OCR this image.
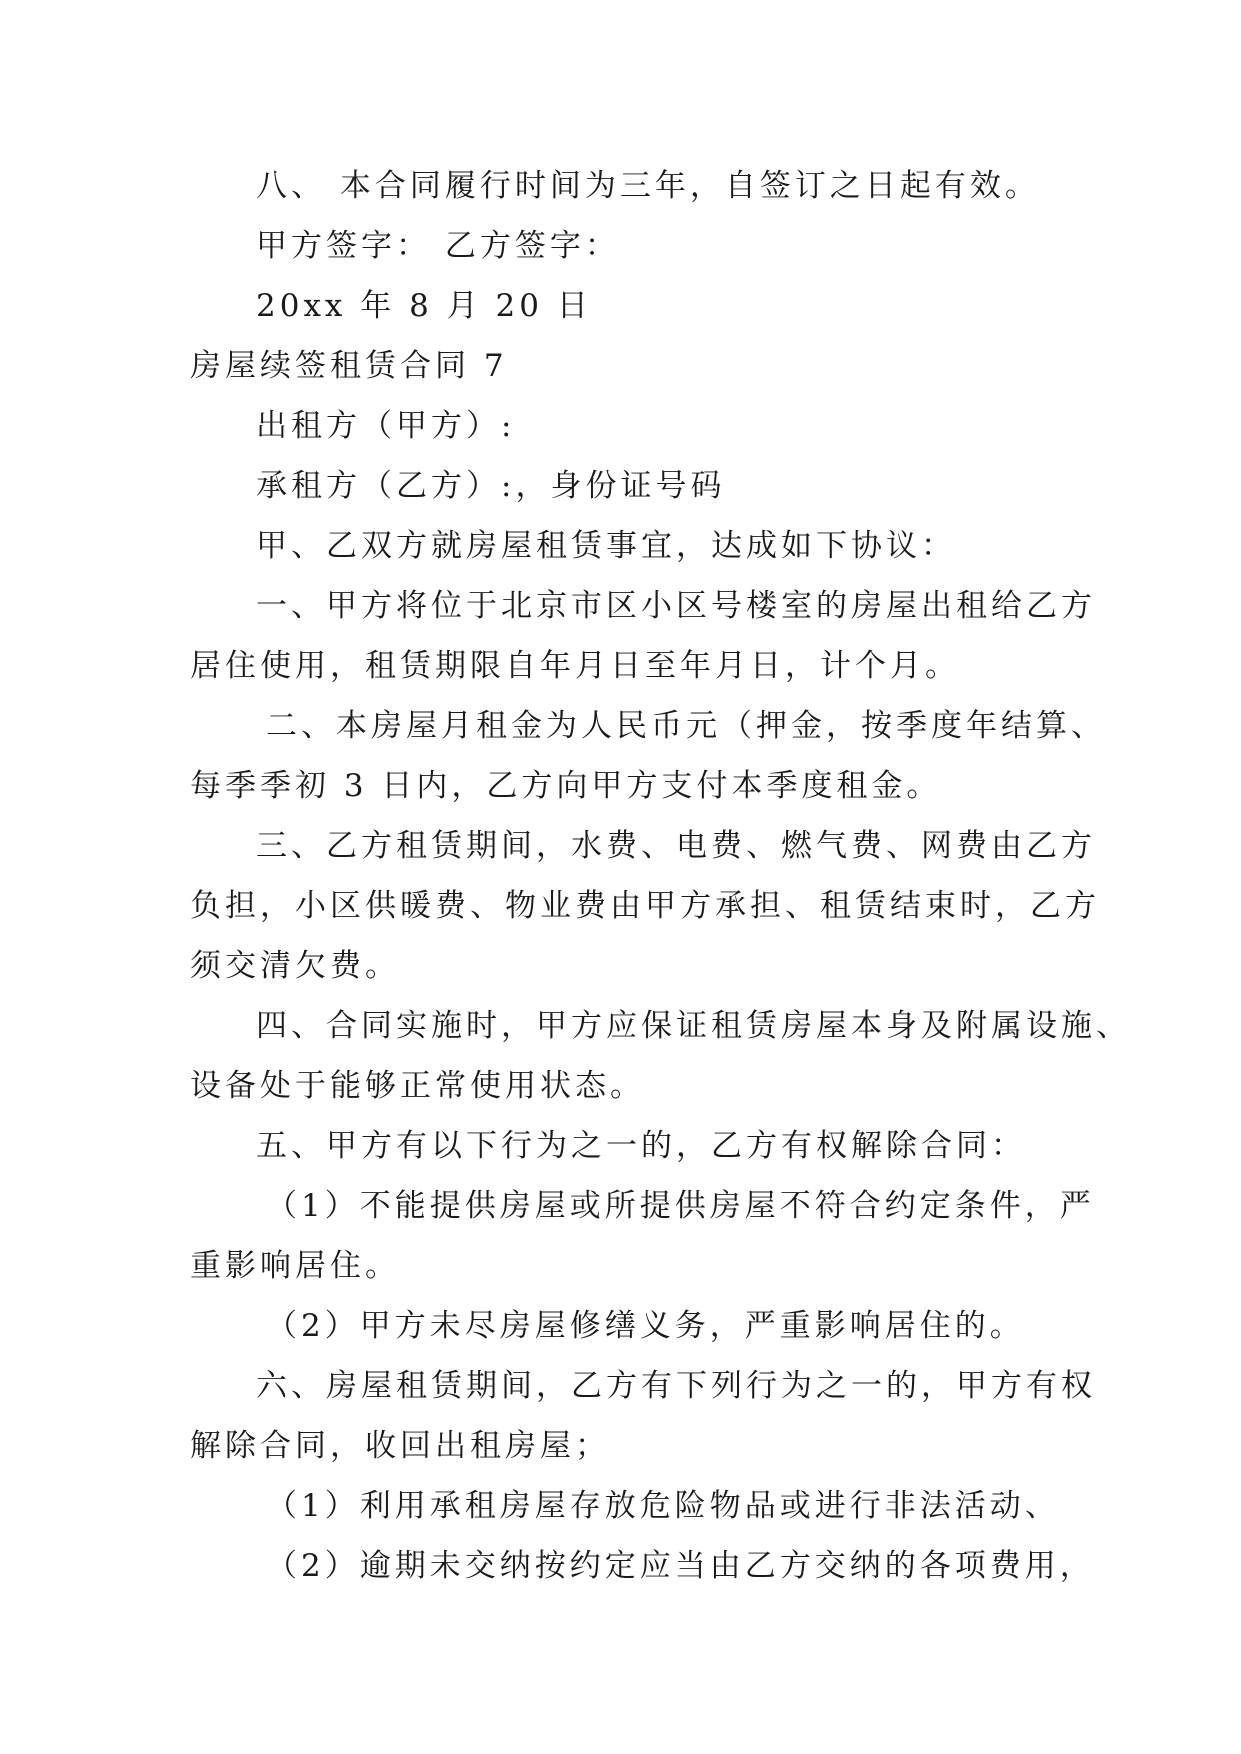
八、 本合同履行时间为三年，自签订之日起有效。
甲方签字： 乙方签字：
20xx 年 8 月 20 日
房屋续签租赁合同 7
出租方（甲方）:
承租方（乙方）:，身份证号码
甲、乙双方就房屋租赁事宜，达成如下协议：
一、甲方将位于北京市区小区号楼室的房屋出租给乙方
居住使用，租赁期限自年月日至年月日，计个月。
二、本房屋月租金为人民币元（押金，按季度年结算、
每季季初 3 日内，乙方向甲方支付本季度租金。
三、乙方租赁期间，水费、电费、燃气费、网费由乙方
负担，小区供暖费、物业费由甲方承担、租赁结束时，乙方
须交清欠费。
四、合同实施时，甲方应保证租赁房屋本身及附属设施、
设备处于能够正常使用状态。
五、甲方有以下行为之一的，乙方有权解除合同：
（1）不能提供房屋或所提供房屋不符合约定条件，严
重影响居住。
（2）甲方未尽房屋修缮义务，严重影响居住的。
六、房屋租赁期间，乙方有下列行为之一的，甲方有权
解除合同，收回出租房屋；
（1）利用承租房屋存放危险物品或进行非法活动、
（2）逾期未交纳按约定应当由乙方交纳的各项费用，
